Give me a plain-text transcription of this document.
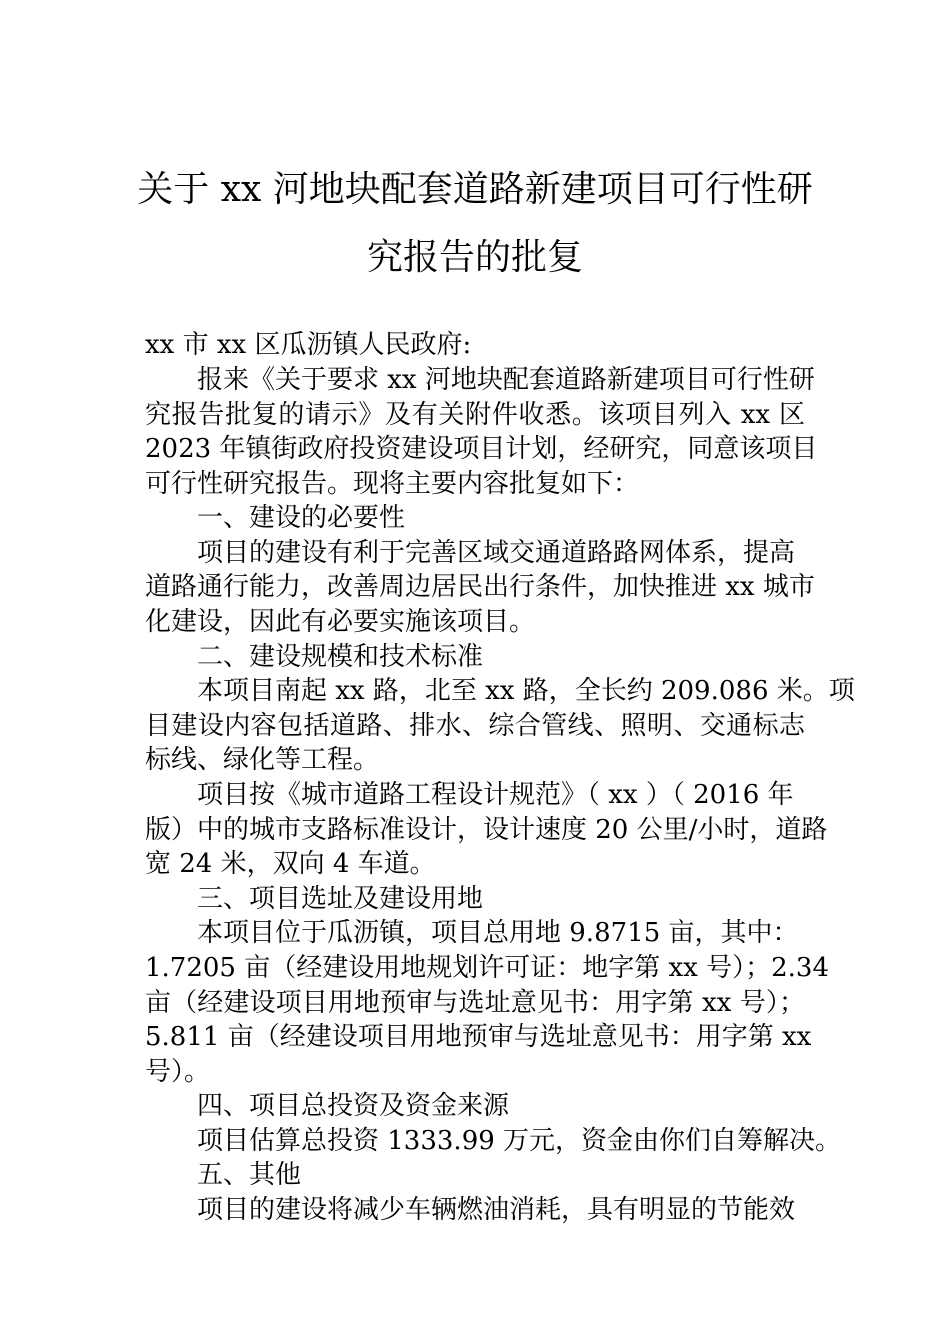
关于 xx 河地块配套道路新建项目可行性研
究报告的批复
xx 市 xx 区瓜沥镇人民政府:
报来《关于要求 xx 河地块配套道路新建项目可行性研
究报告批复的请示》及有关附件收悉。该项目列入 xx 区
2023 年镇街政府投资建设项目计划，经研究，同意该项目
可行性研究报告。现将主要内容批复如下：
一、建设的必要性
项目的建设有利于完善区域交通道路路网体系，提高
道路通行能力，改善周边居民出行条件，加快推进 xx 城市
化建设，因此有必要实施该项目。
二、建设规模和技术标准
本项目南起 xx 路，北至 xx 路，全长约 209.086 米。项
目建设内容包括道路、排水、综合管线、照明、交通标志
标线、绿化等工程。
项目按《城市道路工程设计规范》（ xx ）（ 2016 年
版）中的城市支路标准设计，设计速度 20 公里/小时，道路
宽 24 米，双向 4 车道。
三、项目选址及建设用地
本项目位于瓜沥镇，项目总用地 9.8715 亩，其中：
1.7205 亩（经建设用地规划许可证：地字第 xx 号）；2.34
亩（经建设项目用地预审与选址意见书：用字第 xx 号）；
5.811 亩（经建设项目用地预审与选址意见书：用字第 xx
号）。
四、项目总投资及资金来源
项目估算总投资 1333.99 万元，资金由你们自筹解决。
五、其他
项目的建设将减少车辆燃油消耗，具有明显的节能效
